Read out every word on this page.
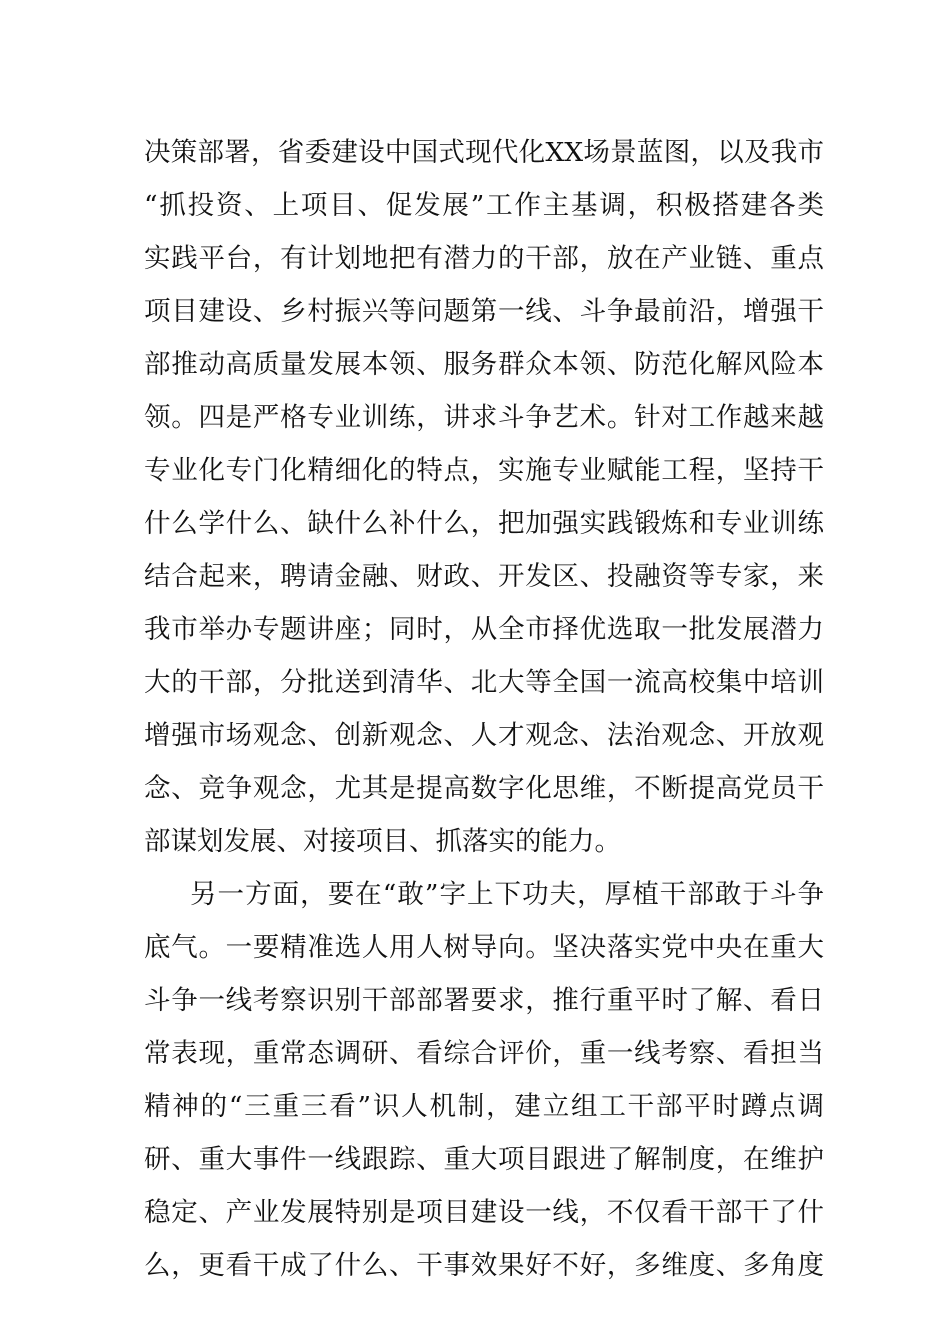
决策部署，省委建设中国式现代化XX场景蓝图，以及我市
“抓投资、上项目、促发展”工作主基调，积极搭建各类
实践平台，有计划地把有潜力的干部，放在产业链、重点
项目建设、乡村振兴等问题第一线、斗争最前沿，增强干
部推动高质量发展本领、服务群众本领、防范化解风险本
领。四是严格专业训练，讲求斗争艺术。针对工作越来越
专业化专门化精细化的特点，实施专业赋能工程，坚持干
什么学什么、缺什么补什么，把加强实践锻炼和专业训练
结合起来，聘请金融、财政、开发区、投融资等专家，来
我市举办专题讲座；同时，从全市择优选取一批发展潜力
大的干部，分批送到清华、北大等全国一流高校集中培训
增强市场观念、创新观念、人才观念、法治观念、开放观
念、竞争观念，尤其是提高数字化思维，不断提高党员干
部谋划发展、对接项目、抓落实的能力。
另一方面，要在“敢”字上下功夫，厚植干部敢于斗争
底气。一要精准选人用人树导向。坚决落实党中央在重大
斗争一线考察识别干部部署要求，推行重平时了解、看日
常表现，重常态调研、看综合评价，重一线考察、看担当
精神的“三重三看”识人机制，建立组工干部平时蹲点调
研、重大事件一线跟踪、重大项目跟进了解制度，在维护
稳定、产业发展特别是项目建设一线，不仅看干部干了什
么，更看干成了什么、干事效果好不好，多维度、多角度
